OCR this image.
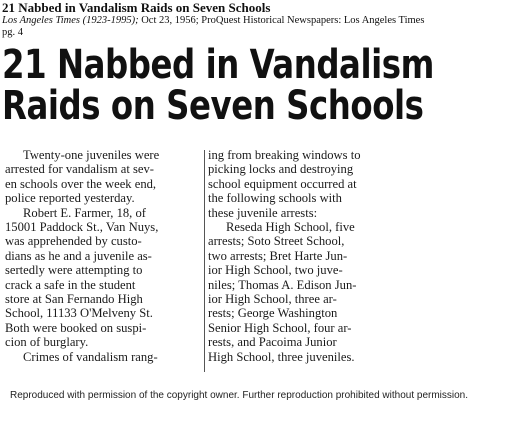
21 Nabbed in Vandalism Raids on Seven Schools
Los Angeles Times (1923-1995); Oct 23, 1956; ProQuest Historical Newspapers: Los Angeles Times
pg. 4
21 Nabbed in Vandalism
Raids on Seven Schools
Twenty-one juveniles were
arrested for vandalism at sev-
en schools over the week end,
police reported yesterday.
Robert E. Farmer, 18, of
15001 Paddock St., Van Nuys,
was apprehended by custo-
dians as he and a juvenile as-
sertedly were attempting to
crack a safe in the student
store at San Fernando High
School, 11133 O'Melveny St.
Both were booked on suspi-
cion of burglary.
Crimes of vandalism rang-
ing from breaking windows to
picking locks and destroying
school equipment occurred at
the following schools with
these juvenile arrests:
Reseda High School, five
arrests; Soto Street School,
two arrests; Bret Harte Jun-
ior High School, two juve-
niles; Thomas A. Edison Jun-
ior High School, three ar-
rests; George Washington
Senior High School, four ar-
rests, and Pacoima Junior
High School, three juveniles.
Reproduced with permission of the copyright owner. Further reproduction prohibited without permission.
